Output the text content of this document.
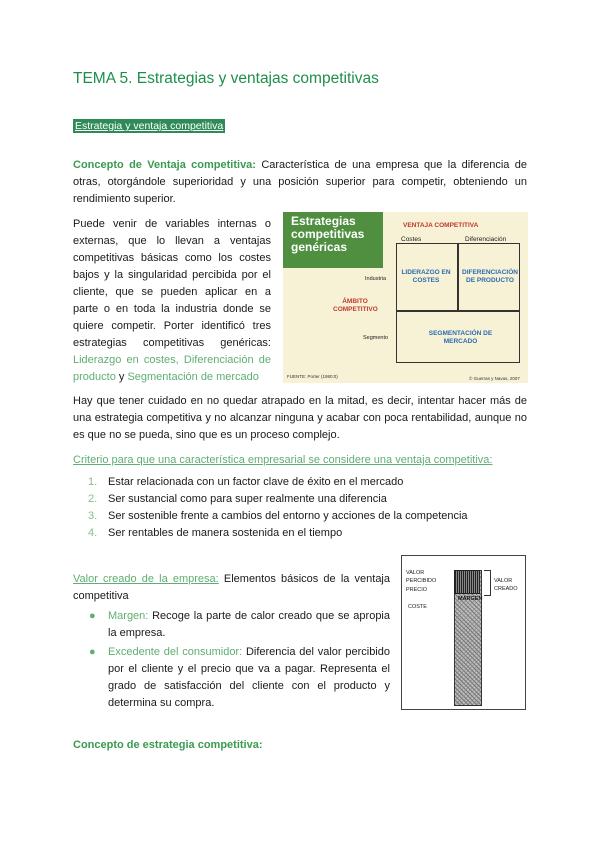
TEMA 5. Estrategias y ventajas competitivas
Estrategia y ventaja competitiva

Concepto de Ventaja competitiva: Característica de una empresa que la diferencia de otras, otorgándole superioridad y una posición superior para competir, obteniendo un rendimiento superior.

Puede venir de variables internas o externas, que lo llevan a ventajas competitivas básicas como los costes bajos y la singularidad percibida por el cliente, que se pueden aplicar en a parte o en toda la industria donde se quiere competir. Porter identificó tres estrategias competitivas genéricas: Liderazgo en costes, Diferenciación de producto y Segmentación de mercado

Estrategias competitivas genéricas
VENTAJA COMPETITIVA
Costes	Diferenciación
LIDERAZGO EN COSTES
DIFERENCIACIÓN DE PRODUCTO
SEGMENTACIÓN DE MERCADO
Industria
Segmento
ÁMBITO COMPETITIVO
FUENTE: Porter (1980:0)	© Guerras y Navas, 2007

Hay que tener cuidado en no quedar atrapado en la mitad, es decir, intentar hacer más de una estrategia competitiva y no alcanzar ninguna y acabar con poca rentabilidad, aunque no es que no se pueda, sino que es un proceso complejo.

Criterio para que una característica empresarial se considere una ventaja competitiva:

1. Estar relacionada con un factor clave de éxito en el mercado
2. Ser sustancial como para super realmente una diferencia
3. Ser sostenible frente a cambios del entorno y acciones de la competencia
4. Ser rentables de manera sostenida en el tiempo

Valor creado de la empresa: Elementos básicos de la ventaja competitiva

● Margen: Recoge la parte de calor creado que se apropia la empresa.
● Excedente del consumidor: Diferencia del valor percibido por el cliente y el precio que va a pagar. Representa el grado de satisfacción del cliente con el producto y determina su compra.
VALOR
PERCIBIDO
PRECIO
COSTE
MARGEN
VALOR
CREADO

Concepto de estrategia competitiva:
